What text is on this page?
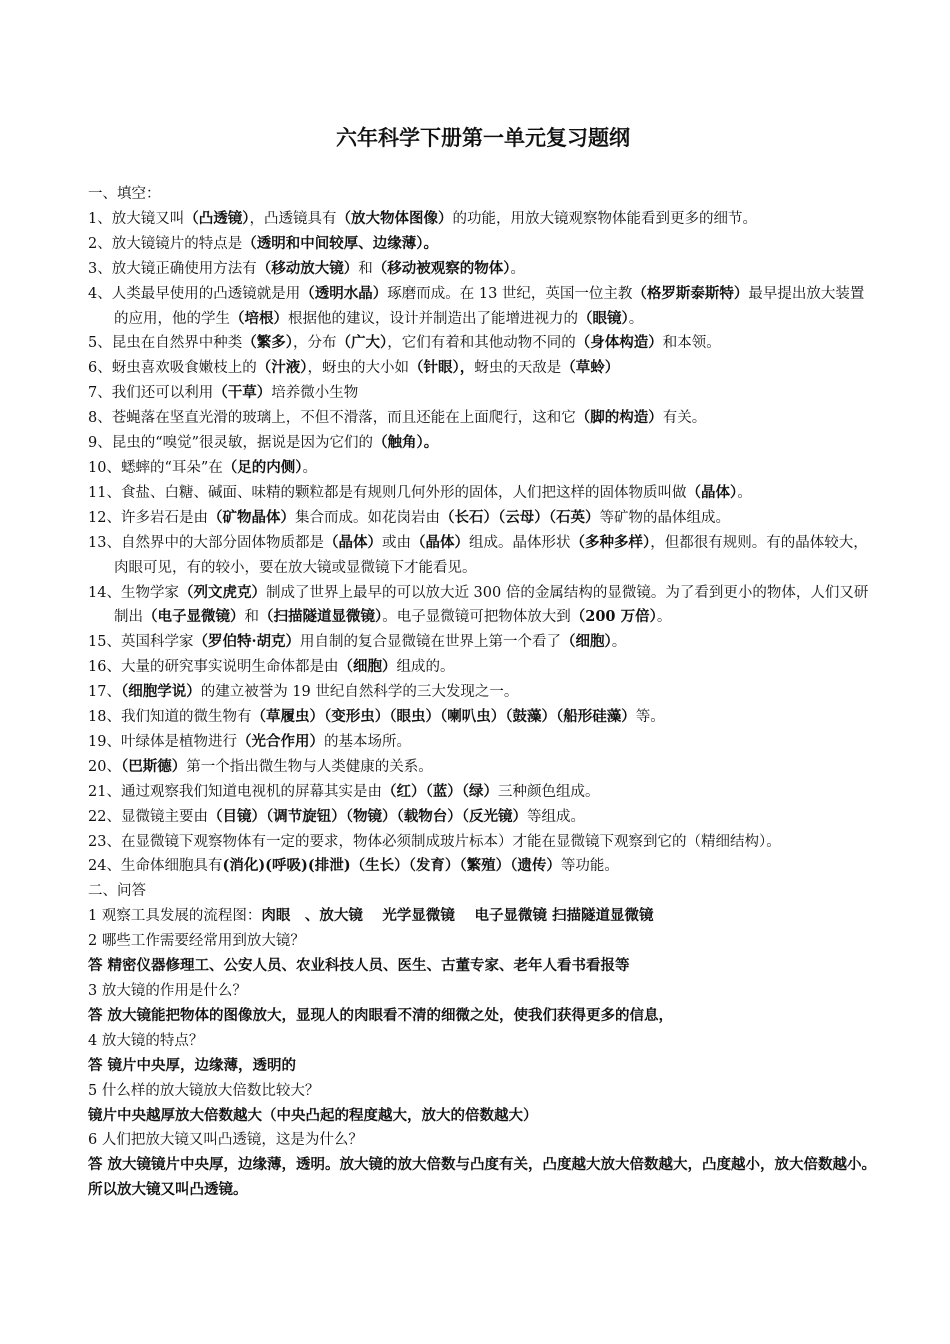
六年科学下册第一单元复习题纲

一、填空：

1、放大镜又叫（凸透镜），凸透镜具有（放大物体图像）的功能，用放大镜观察物体能看到更多的细节。

2、放大镜镜片的特点是（透明和中间较厚、边缘薄）。

3、放大镜正确使用方法有（移动放大镜）和（移动被观察的物体）。

4、人类最早使用的凸透镜就是用（透明水晶）琢磨而成。在 13 世纪，英国一位主教（格罗斯泰斯特）最早提出放大装置的应用，他的学生（培根）根据他的建议，设计并制造出了能增进视力的（眼镜）。

5、昆虫在自然界中种类（繁多），分布（广大），它们有着和其他动物不同的（身体构造）和本领。

6、蚜虫喜欢吸食嫩枝上的（汁液），蚜虫的大小如（针眼），蚜虫的天敌是（草蛉）

7、我们还可以利用（干草）培养微小生物

8、苍蝇落在坚直光滑的玻璃上，不但不滑落，而且还能在上面爬行，这和它（脚的构造）有关。

9、昆虫的“嗅觉”很灵敏，据说是因为它们的（触角）。

10、蟋蟀的“耳朵”在（足的内侧）。

11、食盐、白糖、碱面、味精的颗粒都是有规则几何外形的固体，人们把这样的固体物质叫做（晶体）。

12、许多岩石是由（矿物晶体）集合而成。如花岗岩由（长石）（云母）（石英）等矿物的晶体组成。

13、自然界中的大部分固体物质都是（晶体）或由（晶体）组成。晶体形状（多种多样），但都很有规则。有的晶体较大，肉眼可见，有的较小，要在放大镜或显微镜下才能看见。

14、生物学家（列文虎克）制成了世界上最早的可以放大近 300 倍的金属结构的显微镜。为了看到更小的物体，人们又研制出（电子显微镜）和（扫描隧道显微镜）。电子显微镜可把物体放大到（200 万倍）。

15、英国科学家（罗伯特·胡克）用自制的复合显微镜在世界上第一个看了（细胞）。

16、大量的研究事实说明生命体都是由（细胞）组成的。

17、（细胞学说）的建立被誉为 19 世纪自然科学的三大发现之一。

18、我们知道的微生物有（草履虫）（变形虫）（眼虫）（喇叭虫）（鼓藻）（船形硅藻）等。

19、叶绿体是植物进行（光合作用）的基本场所。

20、（巴斯德）第一个指出微生物与人类健康的关系。

21、通过观察我们知道电视机的屏幕其实是由（红）（蓝）（绿）三种颜色组成。

22、显微镜主要由（目镜）（调节旋钮）（物镜）（载物台）（反光镜）等组成。

23、在显微镜下观察物体有一定的要求，物体必须制成玻片标本）才能在显微镜下观察到它的（精细结构）。

24、生命体细胞具有(消化)(呼吸)(排泄)（生长）（发育）（繁殖）（遗传）等功能。

二、问答

1 观察工具发展的流程图：肉眼　、放大镜　 光学显微镜　 电子显微镜 扫描隧道显微镜

2 哪些工作需要经常用到放大镜？

答 精密仪器修理工、公安人员、农业科技人员、医生、古董专家、老年人看书看报等

3 放大镜的作用是什么？

答 放大镜能把物体的图像放大，显现人的肉眼看不清的细微之处，使我们获得更多的信息，

4 放大镜的特点？

答 镜片中央厚，边缘薄，透明的

5 什么样的放大镜放大倍数比较大？

镜片中央越厚放大倍数越大（中央凸起的程度越大，放大的倍数越大）

6 人们把放大镜又叫凸透镜，这是为什么？

答 放大镜镜片中央厚，边缘薄，透明。放大镜的放大倍数与凸度有关，凸度越大放大倍数越大，凸度越小，放大倍数越小。所以放大镜又叫凸透镜。
